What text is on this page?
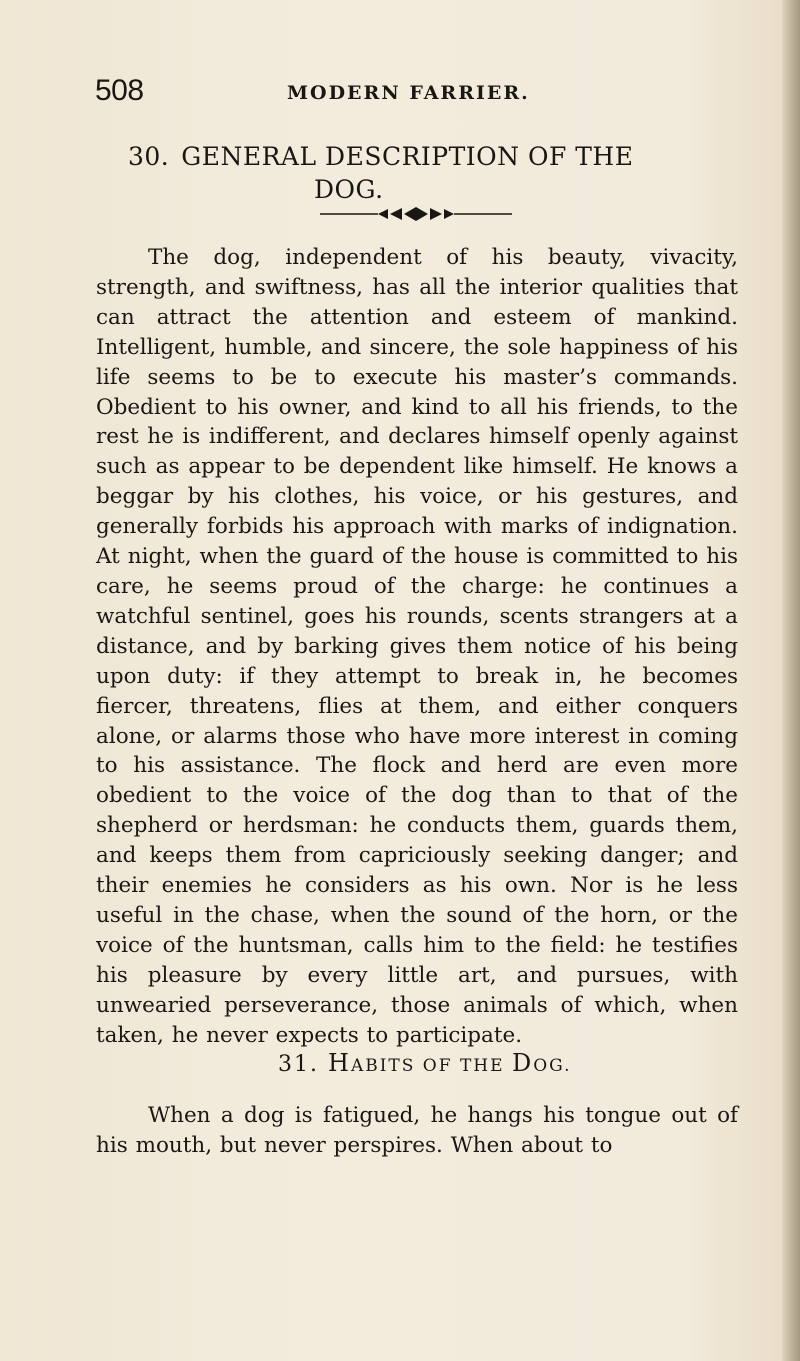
508	MODERN FARRIER.
30. GENERAL DESCRIPTION OF THE
DOG.

The dog, independent of his beauty, vivacity, strength, and swiftness, has all the interior qualities that can attract the attention and esteem of mankind. Intelligent, humble, and sincere, the sole happiness of his life seems to be to execute his master’s commands. Obedient to his owner, and kind to all his friends, to the rest he is indifferent, and declares himself openly against such as appear to be dependent like himself. He knows a beggar by his clothes, his voice, or his gestures, and generally forbids his approach with marks of indignation. At night, when the guard of the house is committed to his care, he seems proud of the charge: he continues a watchful sentinel, goes his rounds, scents strangers at a distance, and by barking gives them notice of his being upon duty: if they attempt to break in, he becomes fiercer, threatens, flies at them, and either conquers alone, or alarms those who have more interest in coming to his assistance. The flock and herd are even more obedient to the voice of the dog than to that of the shepherd or herdsman: he conducts them, guards them, and keeps them from capriciously seeking danger; and their enemies he considers as his own. Nor is he less useful in the chase, when the sound of the horn, or the voice of the huntsman, calls him to the field: he testifies his pleasure by every little art, and pursues, with unwearied perseverance, those animals of which, when taken, he never expects to participate.

31. HABITS OF THE DOG.

When a dog is fatigued, he hangs his tongue out of his mouth, but never perspires. When about to
